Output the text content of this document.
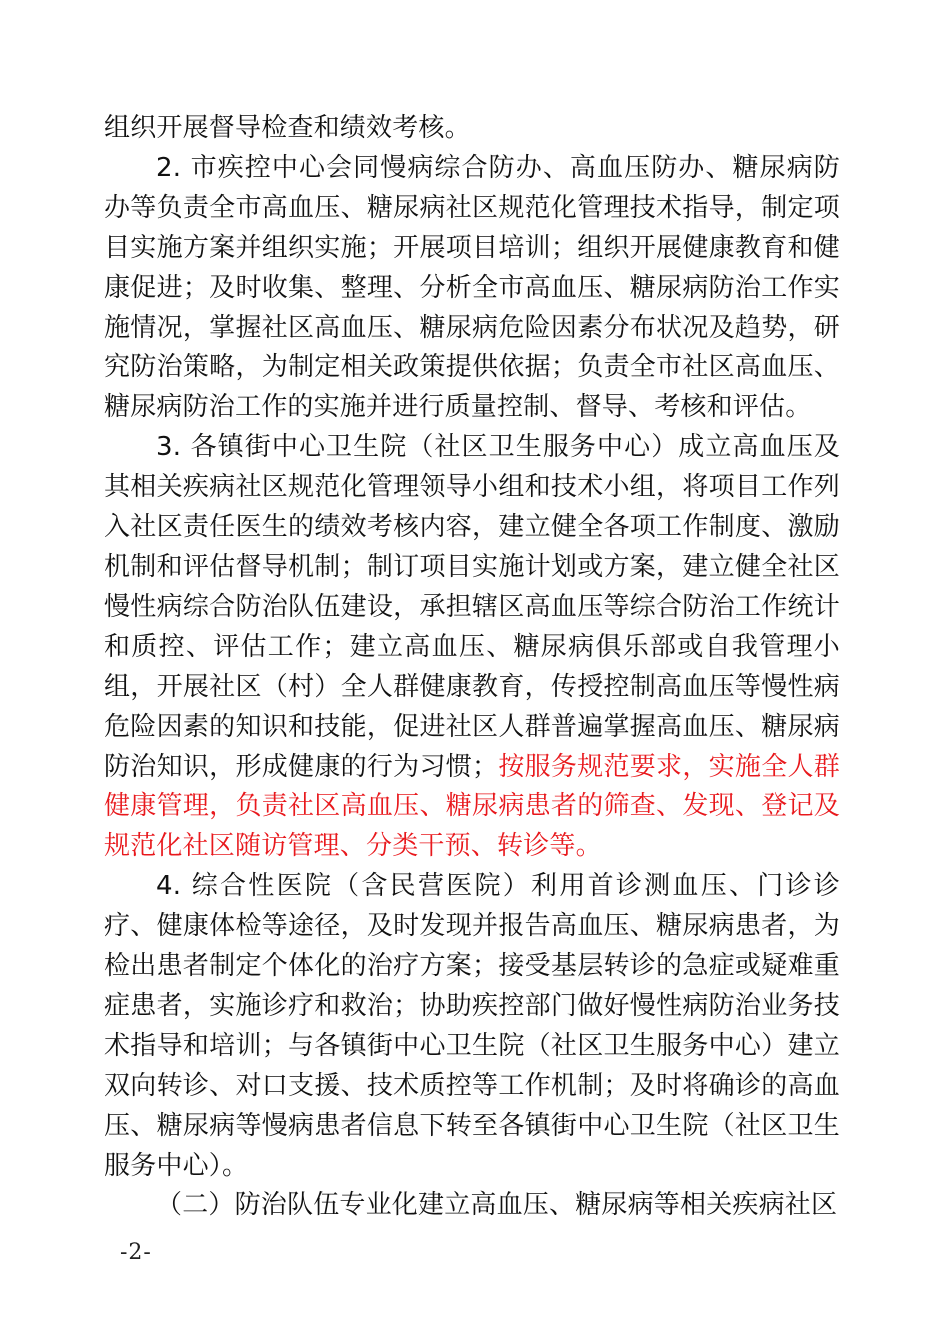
组织开展督导检查和绩效考核。

2. 市疾控中心会同慢病综合防办、高血压防办、糖尿病防办等负责全市高血压、糖尿病社区规范化管理技术指导，制定项目实施方案并组织实施；开展项目培训；组织开展健康教育和健康促进；及时收集、整理、分析全市高血压、糖尿病防治工作实施情况，掌握社区高血压、糖尿病危险因素分布状况及趋势，研究防治策略，为制定相关政策提供依据；负责全市社区高血压、糖尿病防治工作的实施并进行质量控制、督导、考核和评估。

3. 各镇街中心卫生院（社区卫生服务中心）成立高血压及其相关疾病社区规范化管理领导小组和技术小组，将项目工作列入社区责任医生的绩效考核内容，建立健全各项工作制度、激励机制和评估督导机制；制订项目实施计划或方案，建立健全社区慢性病综合防治队伍建设，承担辖区高血压等综合防治工作统计和质控、评估工作；建立高血压、糖尿病俱乐部或自我管理小组，开展社区（村）全人群健康教育，传授控制高血压等慢性病危险因素的知识和技能，促进社区人群普遍掌握高血压、糖尿病防治知识，形成健康的行为习惯；按服务规范要求，实施全人群健康管理，负责社区高血压、糖尿病患者的筛查、发现、登记及规范化社区随访管理、分类干预、转诊等。

4. 综合性医院（含民营医院）利用首诊测血压、门诊诊疗、健康体检等途径，及时发现并报告高血压、糖尿病患者，为检出患者制定个体化的治疗方案；接受基层转诊的急症或疑难重症患者，实施诊疗和救治；协助疾控部门做好慢性病防治业务技术指导和培训；与各镇街中心卫生院（社区卫生服务中心）建立双向转诊、对口支援、技术质控等工作机制；及时将确诊的高血压、糖尿病等慢病患者信息下转至各镇街中心卫生院（社区卫生服务中心）。

（二）防治队伍专业化建立高血压、糖尿病等相关疾病社区

-2-
